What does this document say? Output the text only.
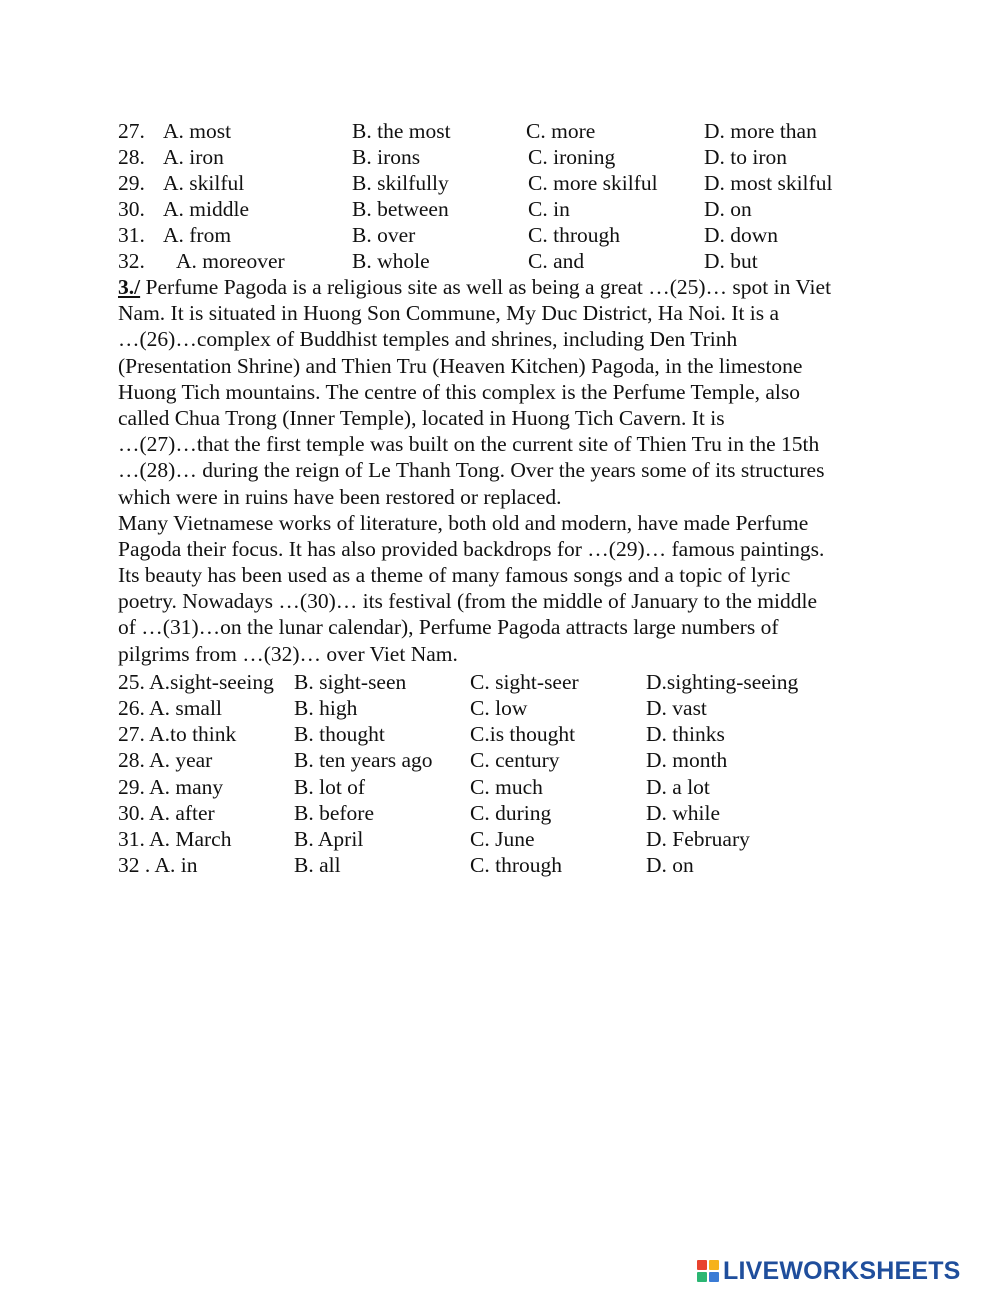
27. A. most	B. the most	C. more	D. more than
28. A. iron	B. irons	C. ironing	D. to iron
29. A. skilful	B. skilfully	C. more skilful D. most skilful
30. A. middle	B. between	C. in	D. on
31. A. from	B. over	C. through	D. down
32. A. moreover	B. whole	C. and	D. but
3./ Perfume Pagoda is a religious site as well as being a great …(25)… spot in Viet
Nam. It is situated in Huong Son Commune, My Duc District, Ha Noi. It is a
…(26)…complex of Buddhist temples and shrines, including Den Trinh
(Presentation Shrine) and Thien Tru (Heaven Kitchen) Pagoda, in the limestone
Huong Tich mountains. The centre of this complex is the Perfume Temple, also
called Chua Trong (Inner Temple), located in Huong Tich Cavern. It is
…(27)…that the first temple was built on the current site of Thien Tru in the 15th
…(28)… during the reign of Le Thanh Tong. Over the years some of its structures
which were in ruins have been restored or replaced.
Many Vietnamese works of literature, both old and modern, have made Perfume
Pagoda their focus. It has also provided backdrops for …(29)… famous paintings.
Its beauty has been used as a theme of many famous songs and a topic of lyric
poetry. Nowadays …(30)… its festival (from the middle of January to the middle
of …(31)…on the lunar calendar), Perfume Pagoda attracts large numbers of
pilgrims from …(32)… over Viet Nam.
25. A.sight-seeing B. sight-seen	C. sight-seer	D.sighting-seeing
26. A. small	B. high	C. low	D. vast
27. A.to think	B. thought	C.is thought	D. thinks
28. A. year	B. ten years ago C. century	D. month
29. A. many	B. lot of	C. much	D. a lot
30. A. after	B. before	C. during	D. while
31. A. March	B. April	C. June	D. February
32 . A. in	B. all	C. through	D. on
LIVEWORKSHEETS
